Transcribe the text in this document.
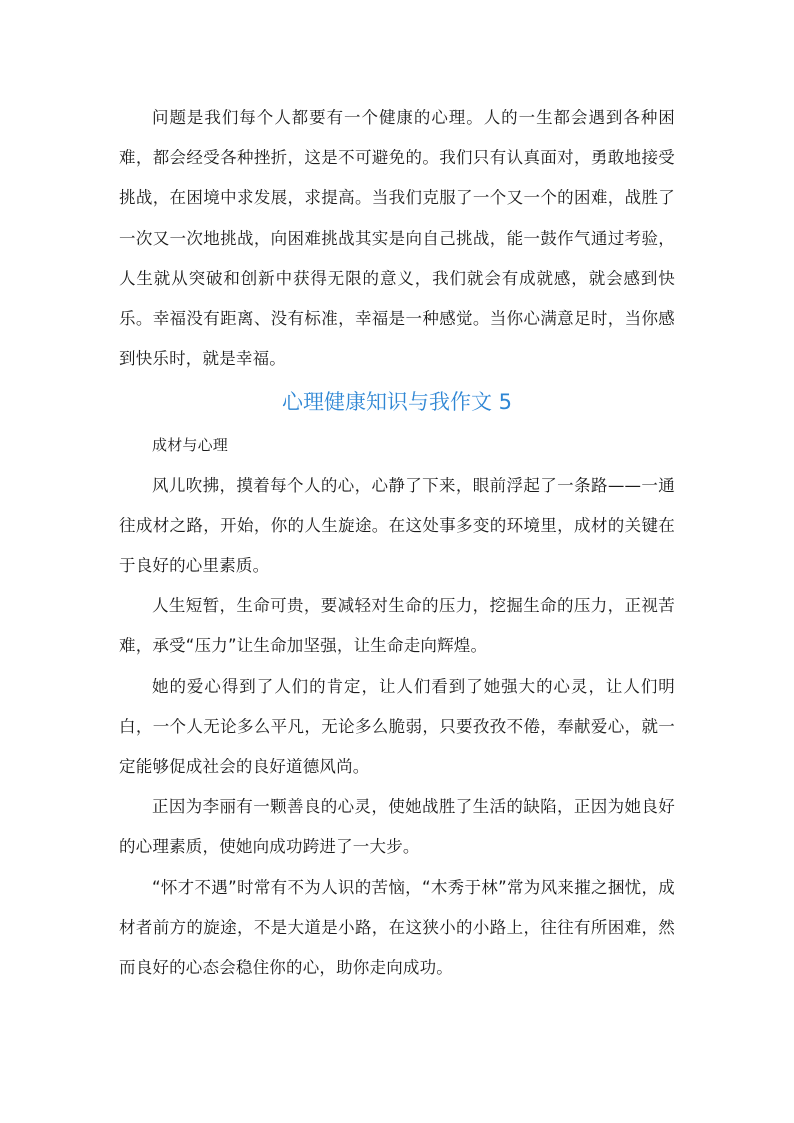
问题是我们每个人都要有一个健康的心理。人的一生都会遇到各种困难，都会经受各种挫折，这是不可避免的。我们只有认真面对，勇敢地接受挑战，在困境中求发展，求提高。当我们克服了一个又一个的困难，战胜了一次又一次地挑战，向困难挑战其实是向自己挑战，能一鼓作气通过考验，人生就从突破和创新中获得无限的意义，我们就会有成就感，就会感到快乐。幸福没有距离、没有标准，幸福是一种感觉。当你心满意足时，当你感到快乐时，就是幸福。

心理健康知识与我作文 5

成材与心理

风儿吹拂，摸着每个人的心，心静了下来，眼前浮起了一条路——一通往成材之路，开始，你的人生旋途。在这处事多变的环境里，成材的关键在于良好的心里素质。

人生短暂，生命可贵，要减轻对生命的压力，挖掘生命的压力，正视苦难，承受“压力”让生命加坚强，让生命走向辉煌。

她的爱心得到了人们的肯定，让人们看到了她强大的心灵，让人们明白，一个人无论多么平凡，无论多么脆弱，只要孜孜不倦，奉献爱心，就一定能够促成社会的良好道德风尚。

正因为李丽有一颗善良的心灵，使她战胜了生活的缺陷，正因为她良好的心理素质，使她向成功跨进了一大步。

“怀才不遇”时常有不为人识的苦恼，“木秀于林”常为风来摧之捆忧，成材者前方的旋途，不是大道是小路，在这狭小的小路上，往往有所困难，然而良好的心态会稳住你的心，助你走向成功。
